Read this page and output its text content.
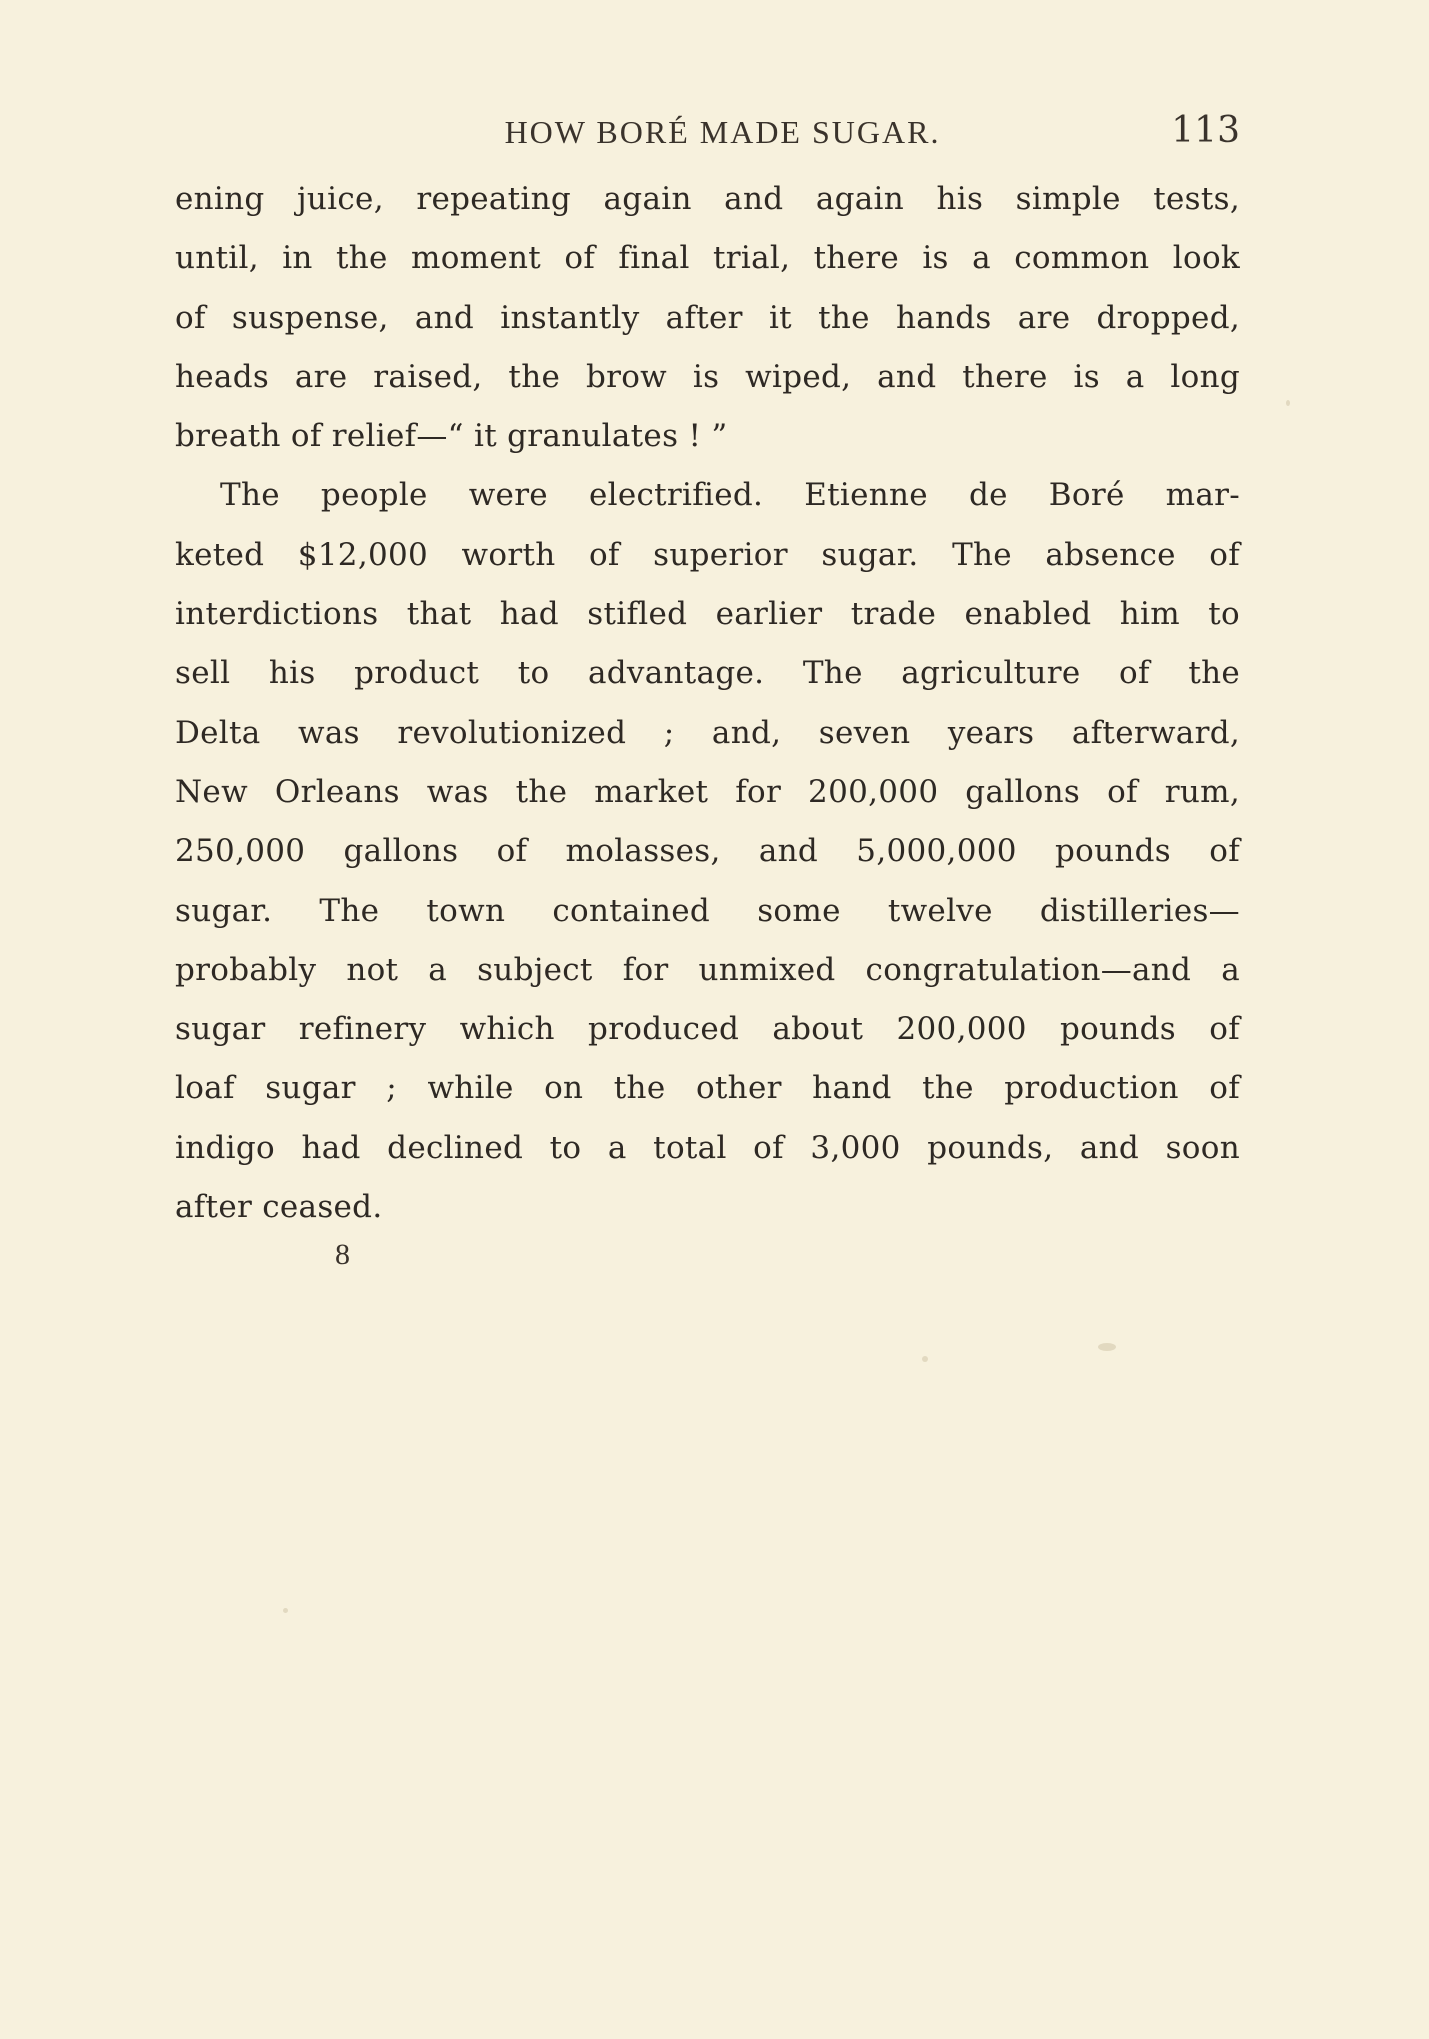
HOW BORÉ MADE SUGAR.	113
ening juice, repeating again and again his simple tests,
until, in the moment of final trial, there is a common look
of suspense, and instantly after it the hands are dropped,
heads are raised, the brow is wiped, and there is a long
breath of relief—“ it granulates ! ”
The people were electrified. Etienne de Boré mar-
keted $12,000 worth of superior sugar. The absence of
interdictions that had stifled earlier trade enabled him to
sell his product to advantage. The agriculture of the
Delta was revolutionized ; and, seven years afterward,
New Orleans was the market for 200,000 gallons of rum,
250,000 gallons of molasses, and 5,000,000 pounds of
sugar. The town contained some twelve distilleries—
probably not a subject for unmixed congratulation—and a
sugar refinery which produced about 200,000 pounds of
loaf sugar ; while on the other hand the production of
indigo had declined to a total of 3,000 pounds, and soon
after ceased.
8
